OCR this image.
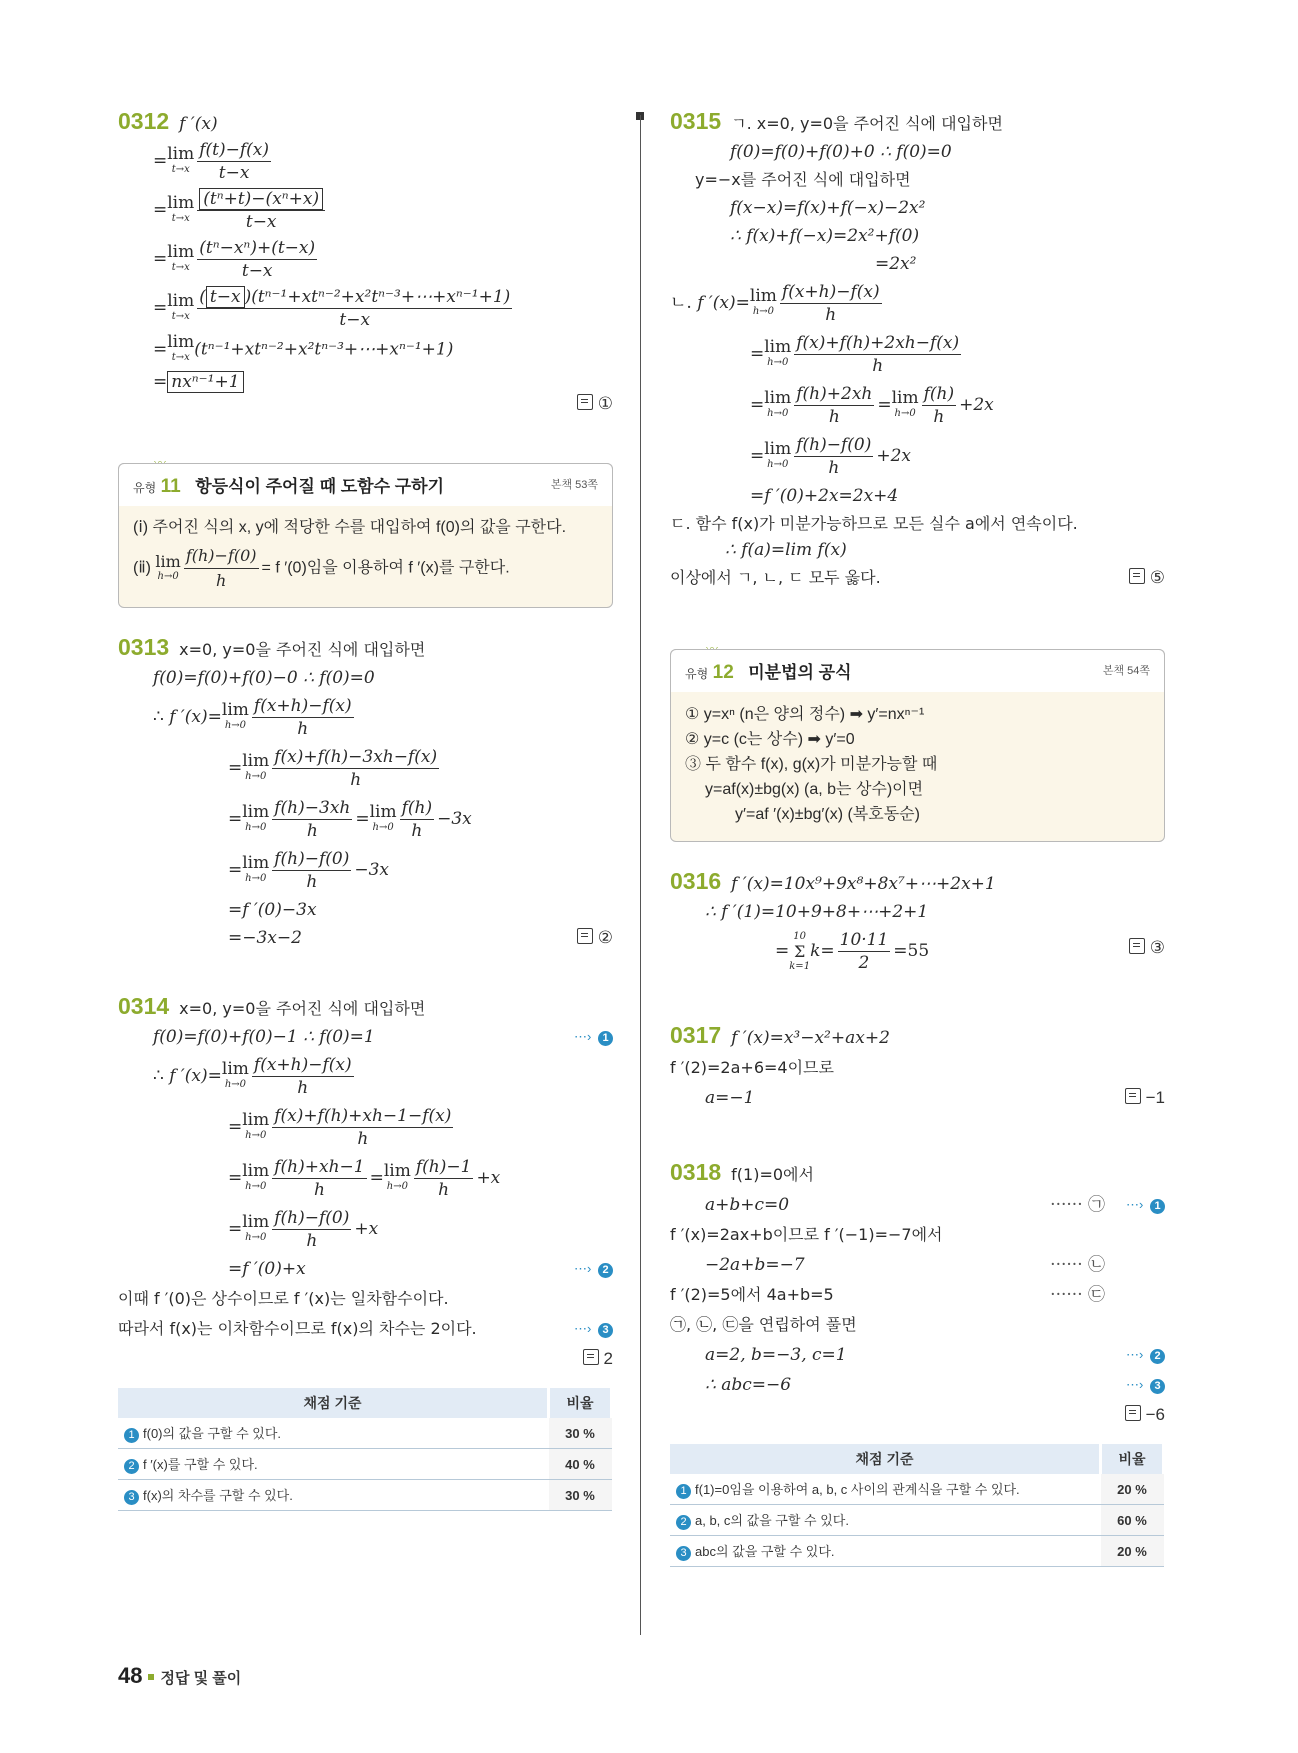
0312 f ′(x)
=lim
$t\to x \frac{f(t)-f(x)}{t-x}$
=lim
$t\to x \frac{\text{(tⁿ+t)−(xⁿ+x)}}{t-x}$
=lim
$t\to x \frac{\text{(tⁿ−xⁿ)+(t−x)}}{t-x}$
=lim
$t\to x \frac{\text{( t−x )(tⁿ⁻¹+xtⁿ⁻²+x²tⁿ⁻³+⋯+xⁿ⁻¹+1)}}{t-x}$
=lim
t→x (tⁿ⁻¹+xtⁿ⁻²+x²tⁿ⁻³+⋯+xⁿ⁻¹+1)
= nxⁿ⁻¹+1
①
유형 11 항등식이 주어질 때 도함수 구하기	본책 53쪽
(ⅰ) 주어진 식의 x, y에 적당한 수를 대입하여 f(0)의 값을 구한다.
(ⅱ) lim
$h\to 0 \frac{f(h)-f(0)}{h} = f$ ′(0)임을 이용하여 f ′(x)를 구한다.
0313 x=0, y=0을 주어진 식에 대입하면
f(0)=f(0)+f(0)−0 ∴ f(0)=0
∴ f ′(x)=lim
$h\to 0 \frac{f(x+h)-f(x)}{h}$
=lim
$h\to 0 \frac{f(x)+f(h)-3xh-f(x)}{h}$
=lim
$h\to 0 \frac{f(h)-3xh}{h} =\lim$
$h\to 0 \frac{f(h)}{h} -3x$
=lim
$h\to 0 \frac{f(h)-f(0)}{h} -3x$
=f ′(0)−3x
=−3x−2	②
0314 x=0, y=0을 주어진 식에 대입하면
f(0)=f(0)+f(0)−1 ∴ f(0)=1	⋯› 1
∴ f ′(x)=lim
$h\to 0 \frac{f(x+h)-f(x)}{h}$
=lim
$h\to 0 \frac{f(x)+f(h)+xh-1-f(x)}{h}$
=lim
$h\to 0 \frac{f(h)+xh-1}{h} =\lim$
$h\to 0 \frac{f(h)-1}{h} +x$
=lim
$h\to 0 \frac{f(h)-f(0)}{h} +x$
=f ′(0)+x	⋯› 2
이때 f ′(0)은 상수이므로 f ′(x)는 일차함수이다.
따라서 f(x)는 이차함수이므로 f(x)의 차수는 2이다.	⋯› 3
2
채점 기준	비율
1 f(0)의 값을 구할 수 있다.	30 %
2 f ′(x)를 구할 수 있다.	40 %
3 f(x)의 차수를 구할 수 있다.	30 %
0315 ㄱ. x=0, y=0을 주어진 식에 대입하면
f(0)=f(0)+f(0)+0 ∴ f(0)=0
y=−x를 주어진 식에 대입하면
f(x−x)=f(x)+f(−x)−2x²
∴ f(x)+f(−x)=2x²+f(0)
=2x²
ㄴ. f ′(x)=lim
$h\to 0 \frac{f(x+h)-f(x)}{h}$
=lim
$h\to 0 \frac{f(x)+f(h)+2xh-f(x)}{h}$
=lim
$h\to 0 \frac{f(h)+2xh}{h} =\lim$
$h\to 0 \frac{f(h)}{h} +2x$
=lim
$h\to 0 \frac{f(h)-f(0)}{h} +2x$
=f ′(0)+2x=2x+4
ㄷ. 함수 f(x)가 미분가능하므로 모든 실수 a에서 연속이다.
∴ f(a)=lim f(x)
이상에서 ㄱ, ㄴ, ㄷ 모두 옳다.	⑤
유형 12 미분법의 공식	본책 54쪽
① y=xⁿ (n은 양의 정수) ➡ y′=nxⁿ⁻¹
② y=c (c는 상수) ➡ y′=0
③ 두 함수 f(x), g(x)가 미분가능할 때
y=af(x)±bg(x) (a, b는 상수)이면
y′=af ′(x)±bg′(x) (복호동순)
0316 f ′(x)=10x⁹+9x⁸+8x⁷+⋯+2x+1
∴ f ′(1)=10+9+8+⋯+2+1
=
10
Σ
k=1
$k= \frac{10\cdot 11}{2} =55$	③
0317 f ′(x)=x³−x²+ax+2
f ′(2)=2a+6=4이므로
a=−1	−1
0318 f(1)=0에서
a+b+c=0	······ ㉠ ⋯› 1
f ′(x)=2ax+b이므로 f ′(−1)=−7에서
−2a+b=−7	······ ㉡
f ′(2)=5에서 4a+b=5	······ ㉢
㉠, ㉡, ㉢을 연립하여 풀면
a=2, b=−3, c=1	⋯› 2
∴ abc=−6	⋯› 3
−6
채점 기준	비율
1 f(1)=0임을 이용하여 a, b, c 사이의 관계식을 구할 수 있다.	20 %
2 a, b, c의 값을 구할 수 있다.	60 %
3 abc의 값을 구할 수 있다.	20 %
48 정답 및 풀이
